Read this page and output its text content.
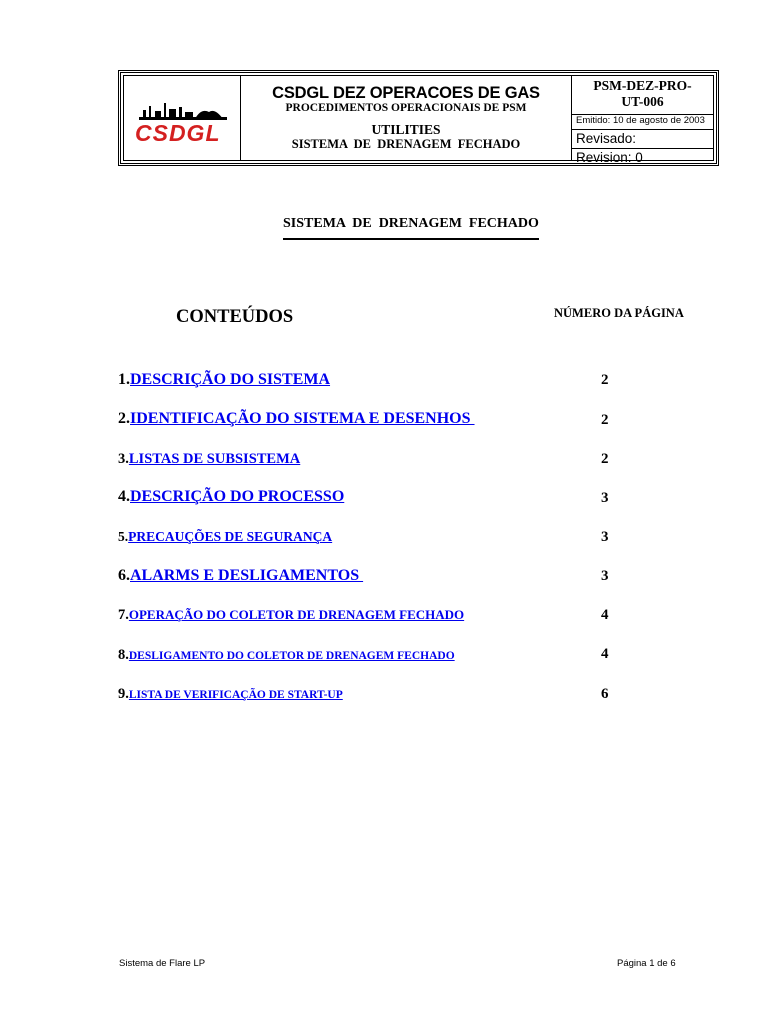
CSDGL
CSDGL DEZ OPERACOES DE GAS
PROCEDIMENTOS OPERACIONAIS DE PSM
UTILITIES
SISTEMA  DE  DRENAGEM  FECHADO
PSM-DEZ-PRO-
UT-006
Emitido: 10 de agosto de 2003
Revisado:
Revision: 0
SISTEMA  DE  DRENAGEM  FECHADO
CONTEÚDOS	NÚMERO DA PÁGINA
1.DESCRIÇÃO DO SISTEMA	2
2.IDENTIFICAÇÃO DO SISTEMA E DESENHOS	2
3.LISTAS DE SUBSISTEMA	2
4.DESCRIÇÃO DO PROCESSO	3
5.PRECAUÇÕES DE SEGURANÇA	3
6.ALARMS E DESLIGAMENTOS	3
7.OPERAÇÃO DO COLETOR DE DRENAGEM FECHADO	4
8.DESLIGAMENTO DO COLETOR DE DRENAGEM FECHADO	4
9.LISTA DE VERIFICAÇÃO DE START-UP	6
Sistema de Flare LP	Página 1 de 6
